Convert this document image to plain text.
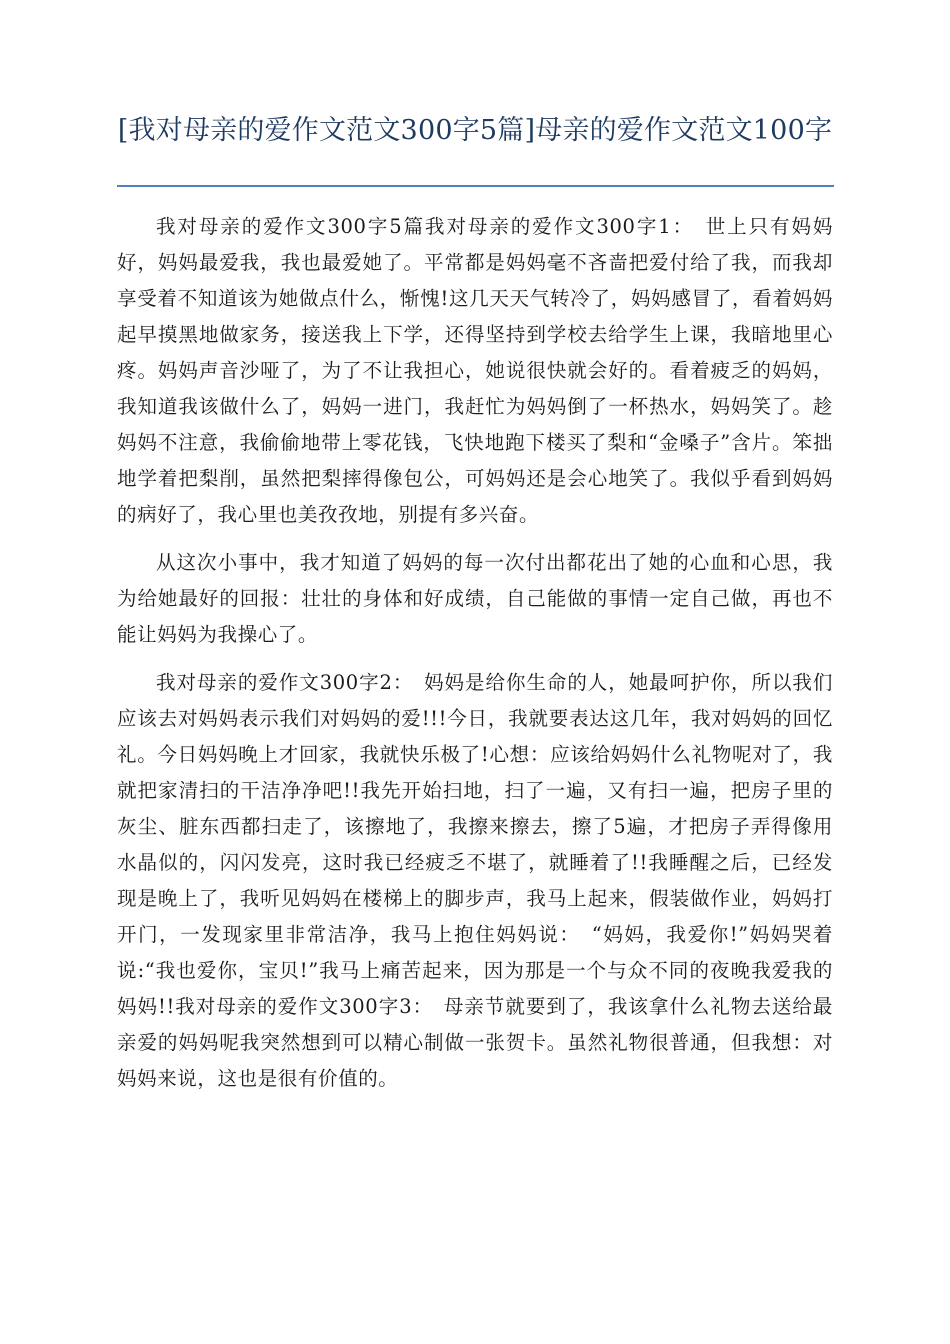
[我对母亲的爱作文范文300字5篇]母亲的爱作文范文100字

我对母亲的爱作文300字5篇我对母亲的爱作文300字1：　世上只有妈妈好，妈妈最爱我，我也最爱她了。平常都是妈妈毫不吝啬把爱付给了我，而我却享受着不知道该为她做点什么，惭愧!这几天天气转冷了，妈妈感冒了，看着妈妈起早摸黑地做家务，接送我上下学，还得坚持到学校去给学生上课，我暗地里心疼。妈妈声音沙哑了，为了不让我担心，她说很快就会好的。看着疲乏的妈妈，我知道我该做什么了，妈妈一进门，我赶忙为妈妈倒了一杯热水，妈妈笑了。趁妈妈不注意，我偷偷地带上零花钱，飞快地跑下楼买了梨和“金嗓子”含片。笨拙地学着把梨削，虽然把梨摔得像包公，可妈妈还是会心地笑了。我似乎看到妈妈的病好了，我心里也美孜孜地，别提有多兴奋。

从这次小事中，我才知道了妈妈的每一次付出都花出了她的心血和心思，我为给她最好的回报：壮壮的身体和好成绩，自己能做的事情一定自己做，再也不能让妈妈为我操心了。

我对母亲的爱作文300字2：　妈妈是给你生命的人，她最呵护你，所以我们应该去对妈妈表示我们对妈妈的爱!!!今日，我就要表达这几年，我对妈妈的回忆礼。今日妈妈晚上才回家，我就快乐极了!心想：应该给妈妈什么礼物呢对了，我就把家清扫的干洁净净吧!!我先开始扫地，扫了一遍，又有扫一遍，把房子里的灰尘、脏东西都扫走了，该擦地了，我擦来擦去，擦了5遍，才把房子弄得像用水晶似的，闪闪发亮，这时我已经疲乏不堪了，就睡着了!!我睡醒之后，已经发现是晚上了，我听见妈妈在楼梯上的脚步声，我马上起来，假装做作业，妈妈打开门，一发现家里非常洁净，我马上抱住妈妈说：　“妈妈，我爱你!”妈妈哭着说:“我也爱你，宝贝!”我马上痛苦起来，因为那是一个与众不同的夜晚我爱我的妈妈!!我对母亲的爱作文300字3：　母亲节就要到了，我该拿什么礼物去送给最亲爱的妈妈呢我突然想到可以精心制做一张贺卡。虽然礼物很普通，但我想：对妈妈来说，这也是很有价值的。
